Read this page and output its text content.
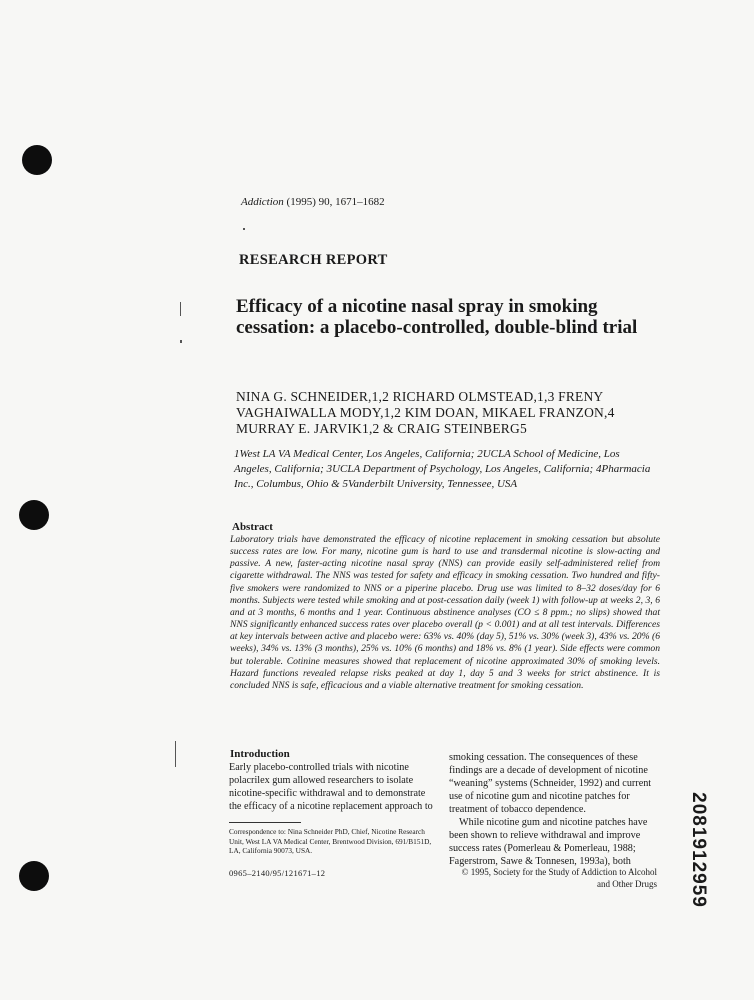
Addiction (1995) 90, 1671–1682
RESEARCH REPORT
Efficacy of a nicotine nasal spray in smoking cessation: a placebo-controlled, double-blind trial
NINA G. SCHNEIDER,1,2 RICHARD OLMSTEAD,1,3 FRENY VAGHAIWALLA MODY,1,2 KIM DOAN, MIKAEL FRANZON,4 MURRAY E. JARVIK1,2 & CRAIG STEINBERG5
1West LA VA Medical Center, Los Angeles, California; 2UCLA School of Medicine, Los Angeles, California; 3UCLA Department of Psychology, Los Angeles, California; 4Pharmacia Inc., Columbus, Ohio & 5Vanderbilt University, Tennessee, USA
Abstract
Laboratory trials have demonstrated the efficacy of nicotine replacement in smoking cessation but absolute success rates are low. For many, nicotine gum is hard to use and transdermal nicotine is slow-acting and passive. A new, faster-acting nicotine nasal spray (NNS) can provide easily self-administered relief from cigarette withdrawal. The NNS was tested for safety and efficacy in smoking cessation. Two hundred and fifty-five smokers were randomized to NNS or a piperine placebo. Drug use was limited to 8–32 doses/day for 6 months. Subjects were tested while smoking and at post-cessation daily (week 1) with follow-up at weeks 2, 3, 6 and at 3 months, 6 months and 1 year. Continuous abstinence analyses (CO ≤ 8 ppm.; no slips) showed that NNS significantly enhanced success rates over placebo overall (p < 0.001) and at all test intervals. Differences at key intervals between active and placebo were: 63% vs. 40% (day 5), 51% vs. 30% (week 3), 43% vs. 20% (6 weeks), 34% vs. 13% (3 months), 25% vs. 10% (6 months) and 18% vs. 8% (1 year). Side effects were common but tolerable. Cotinine measures showed that replacement of nicotine approximated 30% of smoking levels. Hazard functions revealed relapse risks peaked at day 1, day 5 and 3 weeks for strict abstinence. It is concluded NNS is safe, efficacious and a viable alternative treatment for smoking cessation.
Introduction
Early placebo-controlled trials with nicotine polacrilex gum allowed researchers to isolate nicotine-specific withdrawal and to demonstrate the efficacy of a nicotine replacement approach to

smoking cessation. The consequences of these findings are a decade of development of nicotine “weaning” systems (Schneider, 1992) and current use of nicotine gum and nicotine patches for treatment of tobacco dependence.

While nicotine gum and nicotine patches have been shown to relieve withdrawal and improve success rates (Pomerleau & Pomerleau, 1988; Fagerstrom, Sawe & Tonnesen, 1993a), both

Correspondence to: Nina Schneider PhD, Chief, Nicotine Research Unit, West LA VA Medical Center, Brentwood Division, 691/B151D, LA, California 90073, USA.
0965–2140/95/121671–12	© 1995, Society for the Study of Addiction to Alcohol
and Other Drugs 2081912959
